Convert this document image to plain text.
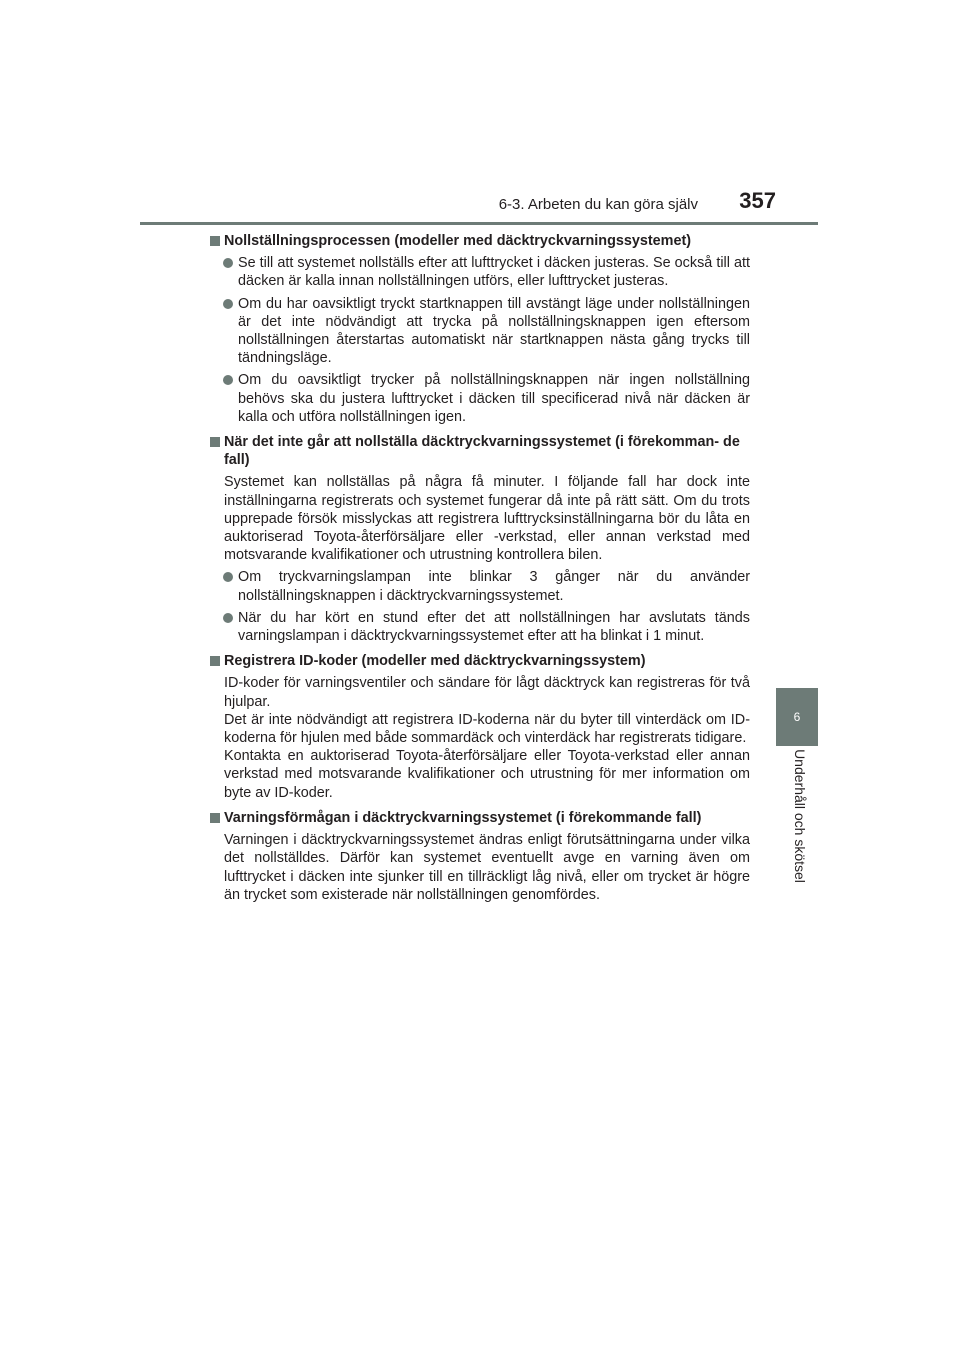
6-3. Arbeten du kan göra själv	357
6
Underhåll och skötsel
Nollställningsprocessen (modeller med däcktryckvarningssystemet)
Se till att systemet nollställs efter att lufttrycket i däcken justeras. Se också till att däcken är kalla innan nollställningen utförs, eller lufttrycket justeras.
Om du har oavsiktligt tryckt startknappen till avstängt läge under nollställningen är det inte nödvändigt att trycka på nollställningsknappen igen eftersom nollställningen återstartas automatiskt när startknappen nästa gång trycks till tändningsläge.
Om du oavsiktligt trycker på nollställningsknappen när ingen nollställning behövs ska du justera lufttrycket i däcken till specificerad nivå när däcken är kalla och utföra nollställningen igen.
När det inte går att nollställa däcktryckvarningssystemet (i förekomman- de fall)
Systemet kan nollställas på några få minuter. I följande fall har dock inte inställningarna registrerats och systemet fungerar då inte på rätt sätt. Om du trots upprepade försök misslyckas att registrera lufttrycksinställningarna bör du låta en auktoriserad Toyota-återförsäljare eller -verkstad, eller annan verkstad med motsvarande kvalifikationer och utrustning kontrollera bilen.
Om tryckvarningslampan inte blinkar 3 gånger när du använder nollställningsknappen i däcktryckvarningssystemet.
När du har kört en stund efter det att nollställningen har avslutats tänds varningslampan i däcktryckvarningssystemet efter att ha blinkat i 1 minut.
Registrera ID-koder (modeller med däcktryckvarningssystem)
ID-koder för varningsventiler och sändare för lågt däcktryck kan registreras för två hjulpar.
Det är inte nödvändigt att registrera ID-koderna när du byter till vinterdäck om ID-koderna för hjulen med både sommardäck och vinterdäck har registrerats tidigare.
Kontakta en auktoriserad Toyota-återförsäljare eller Toyota-verkstad eller annan verkstad med motsvarande kvalifikationer och utrustning för mer information om byte av ID-koder.
Varningsförmågan i däcktryckvarningssystemet (i förekommande fall)
Varningen i däcktryckvarningssystemet ändras enligt förutsättningarna under vilka det nollställdes. Därför kan systemet eventuellt avge en varning även om lufttrycket i däcken inte sjunker till en tillräckligt låg nivå, eller om trycket är högre än trycket som existerade när nollställningen genomfördes.
